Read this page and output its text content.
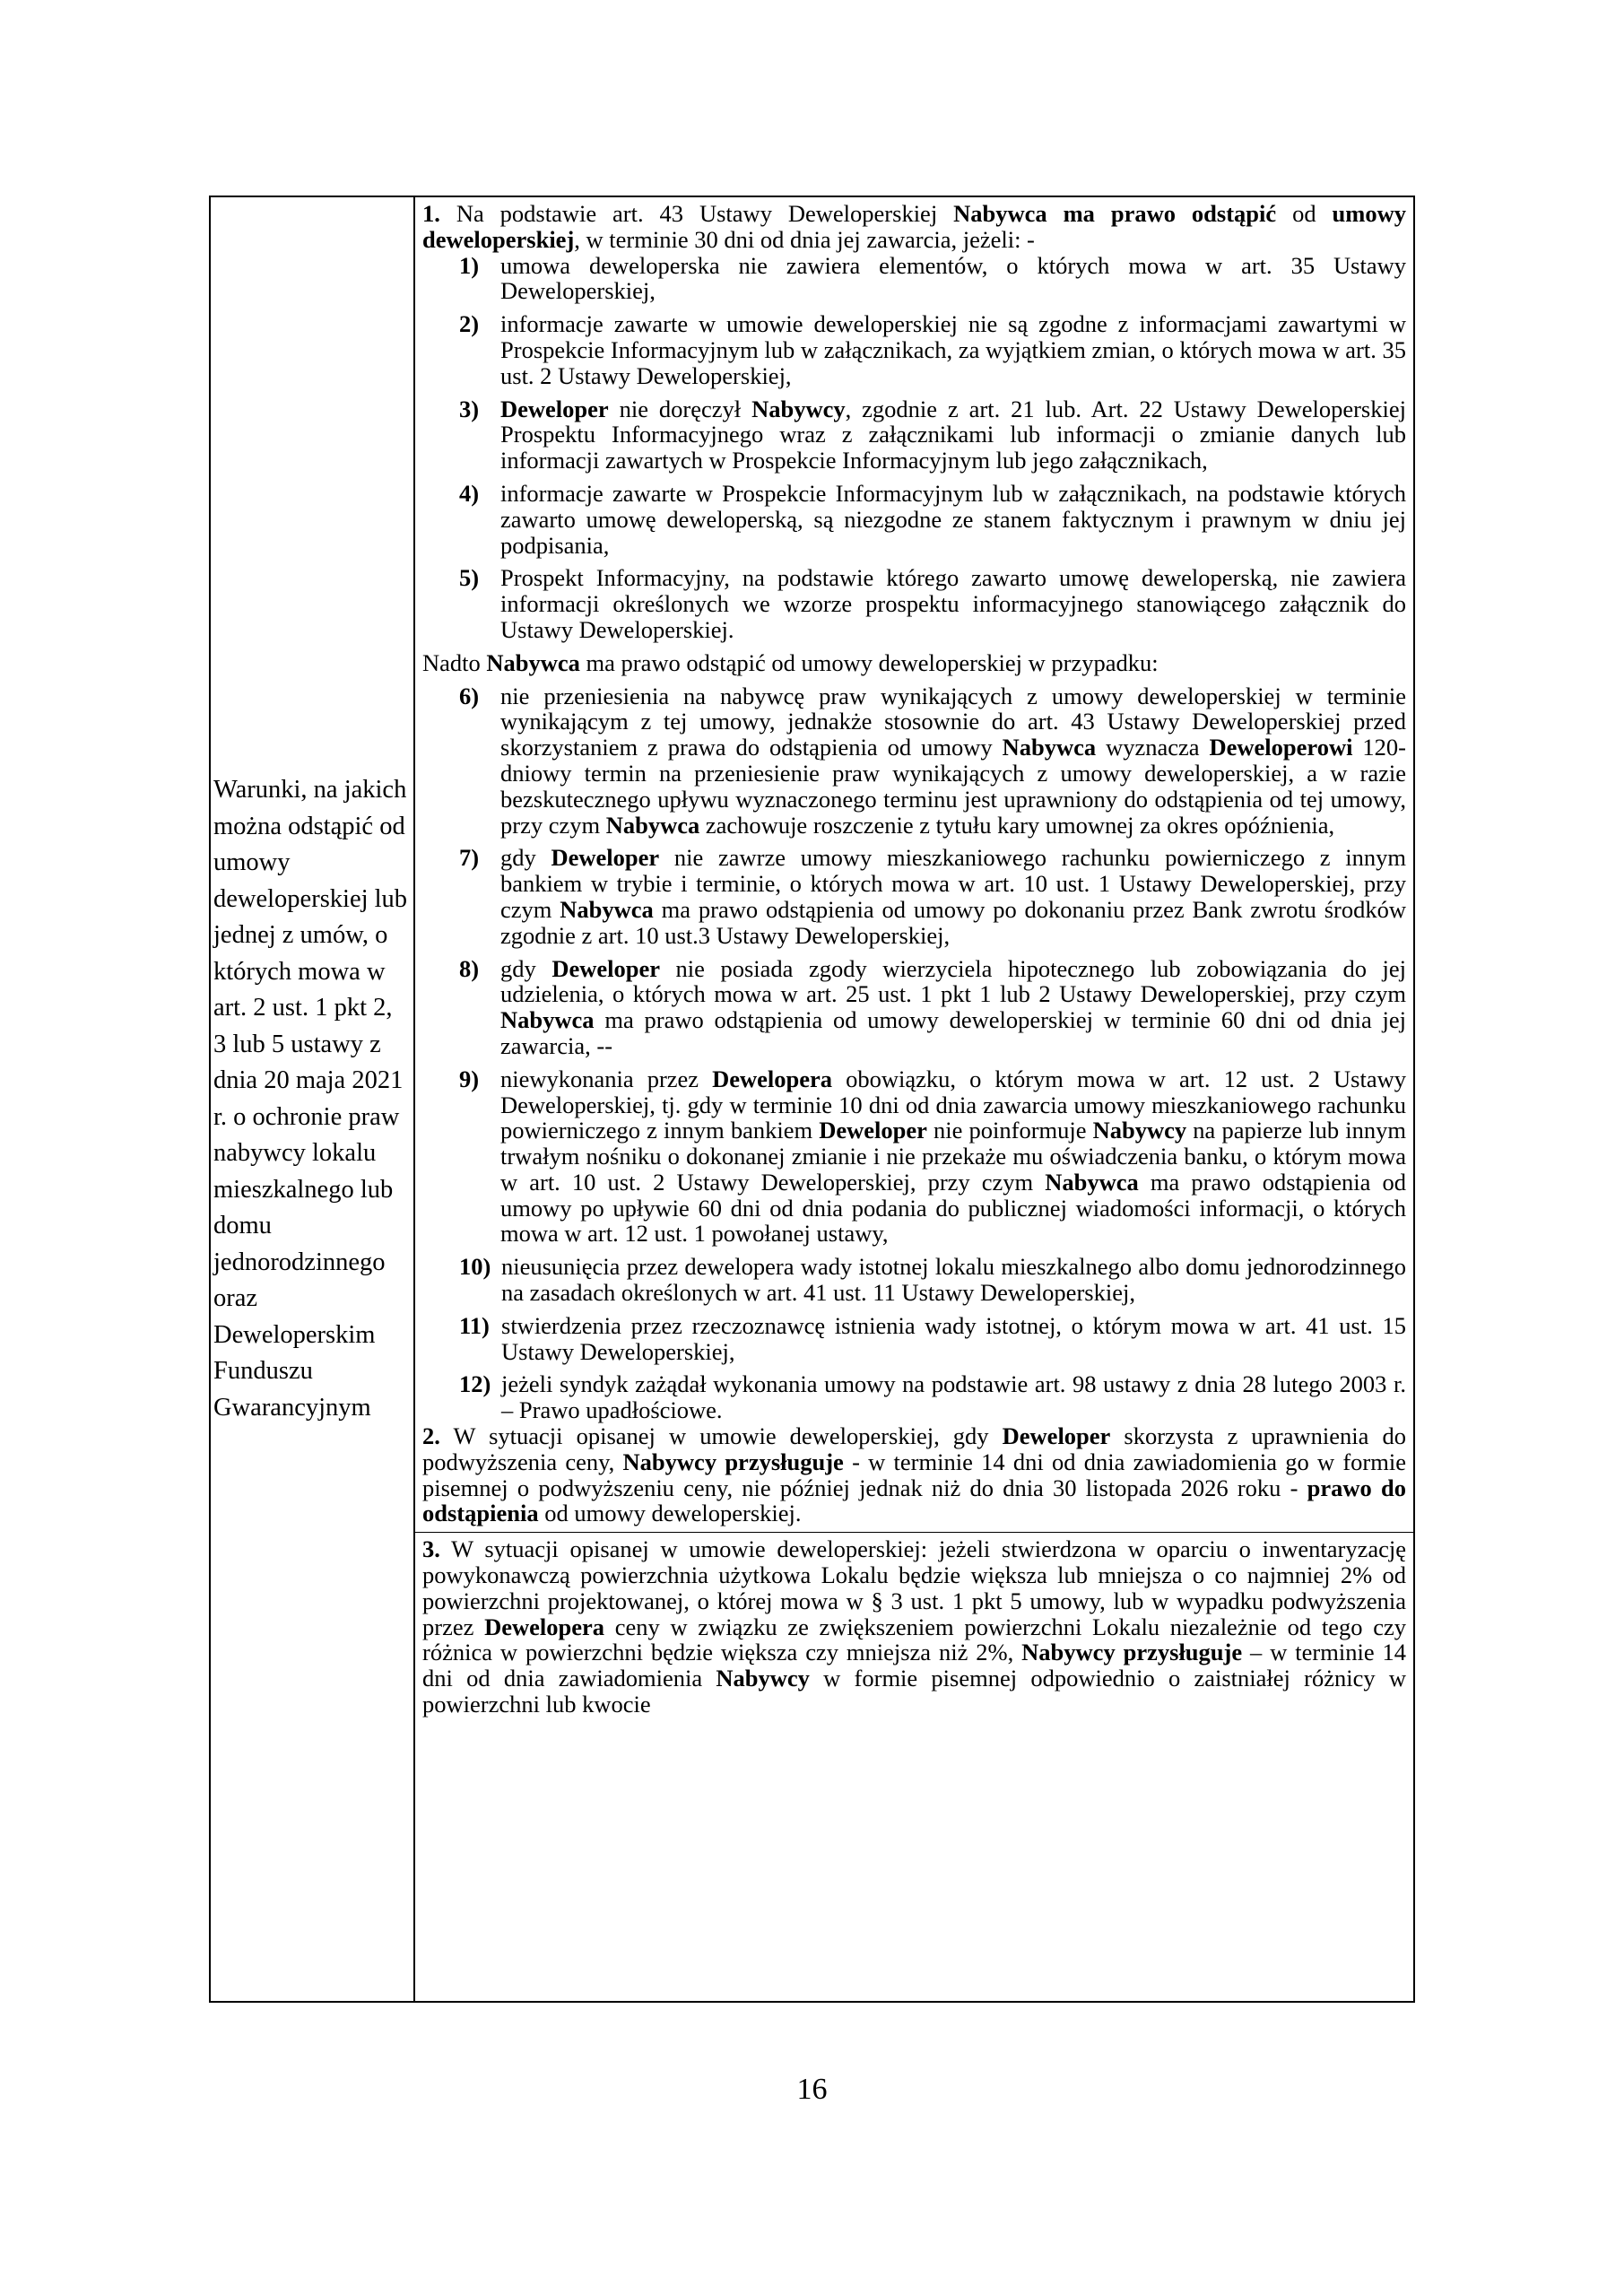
Warunki, na jakich można odstąpić od umowy deweloperskiej lub jednej z umów, o których mowa w art. 2 ust. 1 pkt 2, 3 lub 5 ustawy z dnia 20 maja 2021 r. o ochronie praw nabywcy lokalu mieszkalnego lub domu jednorodzinnego oraz Deweloperskim Funduszu Gwarancyjnym

1. Na podstawie art. 43 Ustawy Deweloperskiej Nabywca ma prawo odstąpić od umowy deweloperskiej, w terminie 30 dni od dnia jej zawarcia, jeżeli: -

1) umowa deweloperska nie zawiera elementów, o których mowa w art. 35 Ustawy Deweloperskiej,
2) informacje zawarte w umowie deweloperskiej nie są zgodne z informacjami zawartymi w Prospekcie Informacyjnym lub w załącznikach, za wyjątkiem zmian, o których mowa w art. 35 ust. 2 Ustawy Deweloperskiej,
3) Deweloper nie doręczył Nabywcy, zgodnie z art. 21 lub. Art. 22 Ustawy Deweloperskiej Prospektu Informacyjnego wraz z załącznikami lub informacji o zmianie danych lub informacji zawartych w Prospekcie Informacyjnym lub jego załącznikach,
4) informacje zawarte w Prospekcie Informacyjnym lub w załącznikach, na podstawie których zawarto umowę deweloperską, są niezgodne ze stanem faktycznym i prawnym w dniu jej podpisania,
5) Prospekt Informacyjny, na podstawie którego zawarto umowę deweloperską, nie zawiera informacji określonych we wzorze prospektu informacyjnego stanowiącego załącznik do Ustawy Deweloperskiej.

Nadto Nabywca ma prawo odstąpić od umowy deweloperskiej w przypadku:

6) nie przeniesienia na nabywcę praw wynikających z umowy deweloperskiej w terminie wynikającym z tej umowy, jednakże stosownie do art. 43 Ustawy Deweloperskiej przed skorzystaniem z prawa do odstąpienia od umowy Nabywca wyznacza Deweloperowi 120-dniowy termin na przeniesienie praw wynikających z umowy deweloperskiej, a w razie bezskutecznego upływu wyznaczonego terminu jest uprawniony do odstąpienia od tej umowy, przy czym Nabywca zachowuje roszczenie z tytułu kary umownej za okres opóźnienia,
7) gdy Deweloper nie zawrze umowy mieszkaniowego rachunku powierniczego z innym bankiem w trybie i terminie, o których mowa w art. 10 ust. 1 Ustawy Deweloperskiej, przy czym Nabywca ma prawo odstąpienia od umowy po dokonaniu przez Bank zwrotu środków zgodnie z art. 10 ust.3 Ustawy Deweloperskiej,
8) gdy Deweloper nie posiada zgody wierzyciela hipotecznego lub zobowiązania do jej udzielenia, o których mowa w art. 25 ust. 1 pkt 1 lub 2 Ustawy Deweloperskiej, przy czym Nabywca ma prawo odstąpienia od umowy deweloperskiej w terminie 60 dni od dnia jej zawarcia, --
9) niewykonania przez Dewelopera obowiązku, o którym mowa w art. 12 ust. 2 Ustawy Deweloperskiej, tj. gdy w terminie 10 dni od dnia zawarcia umowy mieszkaniowego rachunku powierniczego z innym bankiem Deweloper nie poinformuje Nabywcy na papierze lub innym trwałym nośniku o dokonanej zmianie i nie przekaże mu oświadczenia banku, o którym mowa w art. 10 ust. 2 Ustawy Deweloperskiej, przy czym Nabywca ma prawo odstąpienia od umowy po upływie 60 dni od dnia podania do publicznej wiadomości informacji, o których mowa w art. 12 ust. 1 powołanej ustawy,
10) nieusunięcia przez dewelopera wady istotnej lokalu mieszkalnego albo domu jednorodzinnego na zasadach określonych w art. 41 ust. 11 Ustawy Deweloperskiej,
11) stwierdzenia przez rzeczoznawcę istnienia wady istotnej, o którym mowa w art. 41 ust. 15 Ustawy Deweloperskiej,
12) jeżeli syndyk zażądał wykonania umowy na podstawie art. 98 ustawy z dnia 28 lutego 2003 r. – Prawo upadłościowe.

2. W sytuacji opisanej w umowie deweloperskiej, gdy Deweloper skorzysta z uprawnienia do podwyższenia ceny, Nabywcy przysługuje - w terminie 14 dni od dnia zawiadomienia go w formie pisemnej o podwyższeniu ceny, nie później jednak niż do dnia 30 listopada 2026 roku - prawo do odstąpienia od umowy deweloperskiej.

3. W sytuacji opisanej w umowie deweloperskiej: jeżeli stwierdzona w oparciu o inwentaryzację powykonawczą powierzchnia użytkowa Lokalu będzie większa lub mniejsza o co najmniej 2% od powierzchni projektowanej, o której mowa w § 3 ust. 1 pkt 5 umowy, lub w wypadku podwyższenia przez Dewelopera ceny w związku ze zwiększeniem powierzchni Lokalu niezależnie od tego czy różnica w powierzchni będzie większa czy mniejsza niż 2%, Nabywcy przysługuje – w terminie 14 dni od dnia zawiadomienia Nabywcy w formie pisemnej odpowiednio o zaistniałej różnicy w powierzchni lub kwocie

16
